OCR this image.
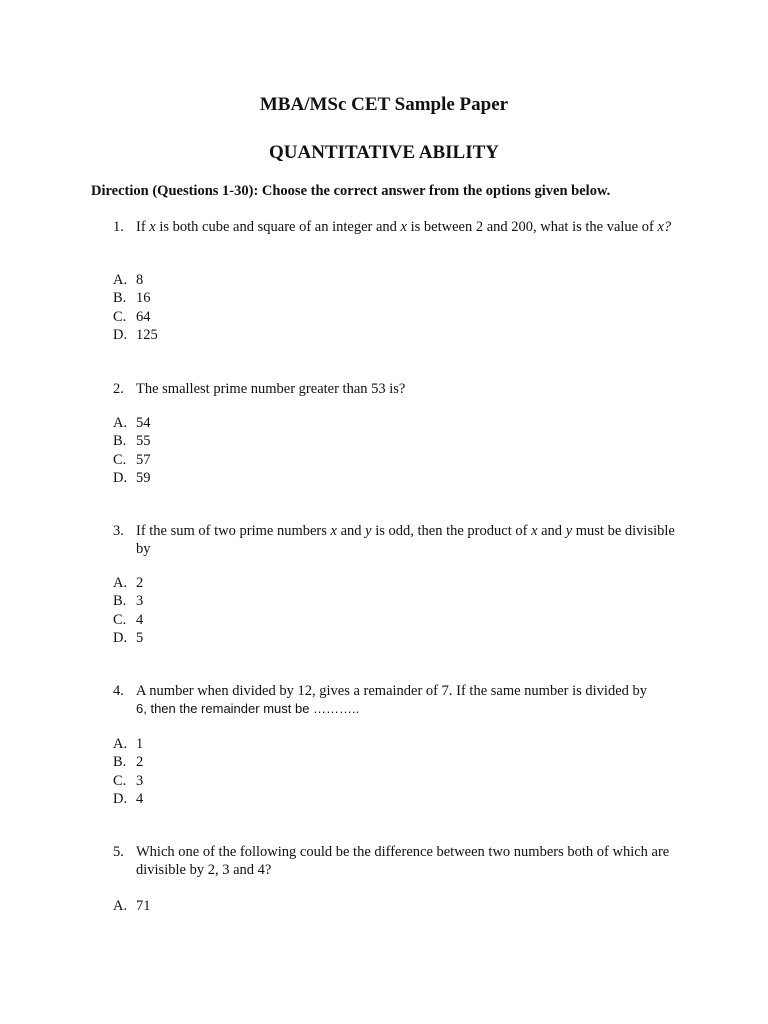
MBA/MSc CET Sample Paper
QUANTITATIVE ABILITY

Direction (Questions 1-30): Choose the correct answer from the options given below.

1. If x is both cube and square of an integer and x is between 2 and 200, what is the value of x?
A. 8
B. 16
C. 64
D. 125
2. The smallest prime number greater than 53 is?
A. 54
B. 55
C. 57
D. 59
3. If the sum of two prime numbers x and y is odd, then the product of x and y must be divisible by
A. 2
B. 3
C. 4
D. 5
4. A number when divided by 12, gives a remainder of 7. If the same number is divided by
6, then the remainder must be ………..
A. 1
B. 2
C. 3
D. 4
5. Which one of the following could be the difference between two numbers both of which are divisible by 2, 3 and 4?
A. 71
